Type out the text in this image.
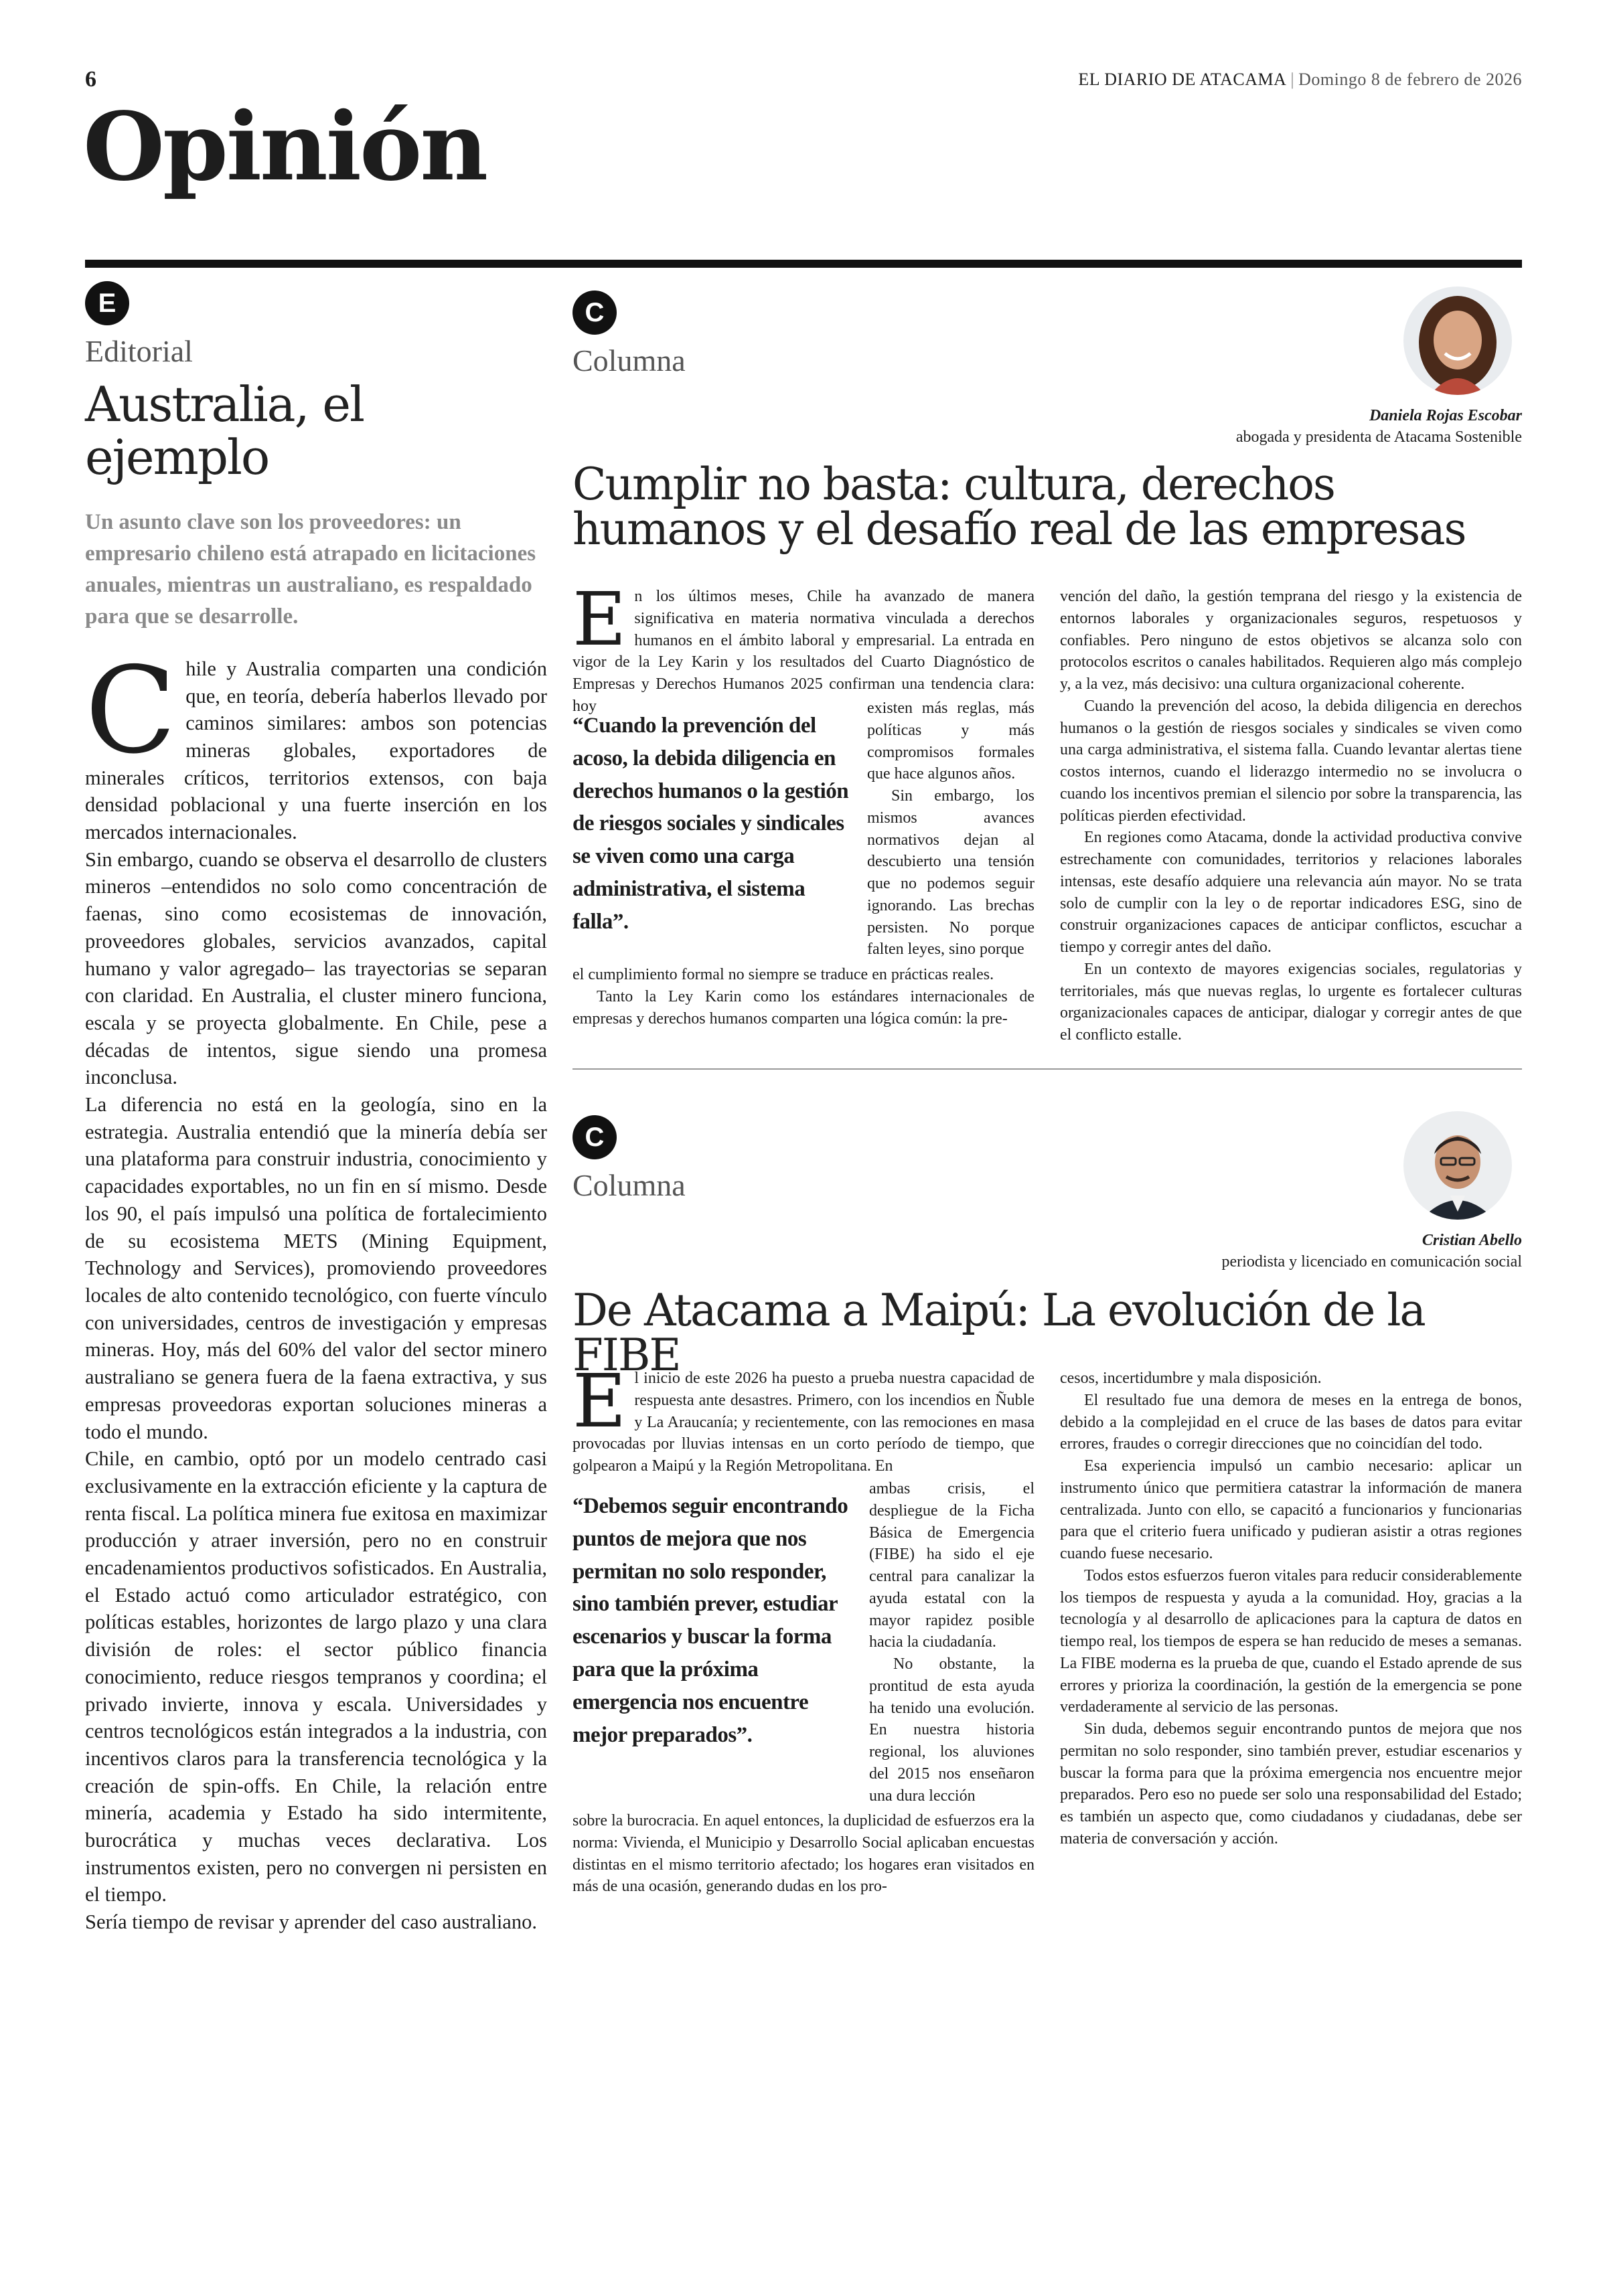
6	EL DIARIO DE ATACAMA | Domingo 8 de febrero de 2026
Opinión
E
Editorial
Australia, el ejemplo
Un asunto clave son los proveedores: un empresario chileno está atrapado en licitaciones anuales, mientras un australiano, es respaldado para que se desarrolle.

Chile y Australia comparten una condición que, en teoría, debería haberlos llevado por caminos similares: ambos son potencias mineras globales, exportadores de minerales críticos, territorios extensos, con baja densidad poblacional y una fuerte inserción en los mercados internacionales.

Sin embargo, cuando se observa el desarrollo de clusters mineros –entendidos no solo como concentración de faenas, sino como ecosistemas de innovación, proveedores globales, servicios avanzados, capital humano y valor agregado– las trayectorias se separan con claridad. En Australia, el cluster minero funciona, escala y se proyecta globalmente. En Chile, pese a décadas de intentos, sigue siendo una promesa inconclusa.

La diferencia no está en la geología, sino en la estrategia. Australia entendió que la minería debía ser una plataforma para construir industria, conocimiento y capacidades exportables, no un fin en sí mismo. Desde los 90, el país impulsó una política de fortalecimiento de su ecosistema METS (Mining Equipment, Technology and Services), promoviendo proveedores locales de alto contenido tecnológico, con fuerte vínculo con universidades, centros de investigación y empresas mineras. Hoy, más del 60% del valor del sector minero australiano se genera fuera de la faena extractiva, y sus empresas proveedoras exportan soluciones mineras a todo el mundo.

Chile, en cambio, optó por un modelo centrado casi exclusivamente en la extracción eficiente y la captura de renta fiscal. La política minera fue exitosa en maximizar producción y atraer inversión, pero no en construir encadenamientos productivos sofisticados. En Australia, el Estado actuó como articulador estratégico, con políticas estables, horizontes de largo plazo y una clara división de roles: el sector público financia conocimiento, reduce riesgos tempranos y coordina; el privado invierte, innova y escala. Universidades y centros tecnológicos están integrados a la industria, con incentivos claros para la transferencia tecnológica y la creación de spin-offs. En Chile, la relación entre minería, academia y Estado ha sido intermitente, burocrática y muchas veces declarativa. Los instrumentos existen, pero no convergen ni persisten en el tiempo.

Sería tiempo de revisar y aprender del caso australiano.

C
Columna
Daniela Rojas Escobar
abogada y presidenta de Atacama Sostenible
Cumplir no basta: cultura, derechos humanos y el desafío real de las empresas

En los últimos meses, Chile ha avanzado de manera significativa en materia normativa vinculada a derechos humanos en el ámbito laboral y empresarial. La entrada en vigor de la Ley Karin y los resultados del Cuarto Diagnóstico de Empresas y Derechos Humanos 2025 confirman una tendencia clara: hoy

“Cuando la prevención del acoso, la debida diligencia en derechos humanos o la gestión de riesgos sociales y sindicales se viven como una carga administrativa, el sistema falla”.

existen más reglas, más políticas y más compromisos formales que hace algunos años.

Sin embargo, los mismos avances normativos dejan al descubierto una tensión que no podemos seguir ignorando. Las brechas persisten. No porque falten leyes, sino porque

el cumplimiento formal no siempre se traduce en prácticas reales.

Tanto la Ley Karin como los estándares internacionales de empresas y derechos humanos comparten una lógica común: la pre-

vención del daño, la gestión temprana del riesgo y la existencia de entornos laborales y organizacionales seguros, respetuosos y confiables. Pero ninguno de estos objetivos se alcanza solo con protocolos escritos o canales habilitados. Requieren algo más complejo y, a la vez, más decisivo: una cultura organizacional coherente.

Cuando la prevención del acoso, la debida diligencia en derechos humanos o la gestión de riesgos sociales y sindicales se viven como una carga administrativa, el sistema falla. Cuando levantar alertas tiene costos internos, cuando el liderazgo intermedio no se involucra o cuando los incentivos premian el silencio por sobre la transparencia, las políticas pierden efectividad.

En regiones como Atacama, donde la actividad productiva convive estrechamente con comunidades, territorios y relaciones laborales intensas, este desafío adquiere una relevancia aún mayor. No se trata solo de cumplir con la ley o de reportar indicadores ESG, sino de construir organizaciones capaces de anticipar conflictos, escuchar a tiempo y corregir antes del daño.

En un contexto de mayores exigencias sociales, regulatorias y territoriales, más que nuevas reglas, lo urgente es fortalecer culturas organizacionales capaces de anticipar, dialogar y corregir antes de que el conflicto estalle.

C
Columna
Cristian Abello
periodista y licenciado en comunicación social
De Atacama a Maipú: La evolución de la FIBE

El inicio de este 2026 ha puesto a prueba nuestra capacidad de respuesta ante desastres. Primero, con los incendios en Ñuble y La Araucanía; y recientemente, con las remociones en masa provocadas por lluvias intensas en un corto período de tiempo, que golpearon a Maipú y la Región Metropolitana. En

“Debemos seguir encontrando puntos de mejora que nos permitan no solo responder, sino también prever, estudiar escenarios y buscar la forma para que la próxima emergencia nos encuentre mejor preparados”.

ambas crisis, el despliegue de la Ficha Básica de Emergencia (FIBE) ha sido el eje central para canalizar la ayuda estatal con la mayor rapidez posible hacia la ciudadanía.

No obstante, la prontitud de esta ayuda ha tenido una evolución. En nuestra historia regional, los aluviones del 2015 nos enseñaron una dura lección

sobre la burocracia. En aquel entonces, la duplicidad de esfuerzos era la norma: Vivienda, el Municipio y Desarrollo Social aplicaban encuestas distintas en el mismo territorio afectado; los hogares eran visitados en más de una ocasión, generando dudas en los pro-

cesos, incertidumbre y mala disposición.

El resultado fue una demora de meses en la entrega de bonos, debido a la complejidad en el cruce de las bases de datos para evitar errores, fraudes o corregir direcciones que no coincidían del todo.

Esa experiencia impulsó un cambio necesario: aplicar un instrumento único que permitiera catastrar la información de manera centralizada. Junto con ello, se capacitó a funcionarios y funcionarias para que el criterio fuera unificado y pudieran asistir a otras regiones cuando fuese necesario.

Todos estos esfuerzos fueron vitales para reducir considerablemente los tiempos de respuesta y ayuda a la comunidad. Hoy, gracias a la tecnología y al desarrollo de aplicaciones para la captura de datos en tiempo real, los tiempos de espera se han reducido de meses a semanas. La FIBE moderna es la prueba de que, cuando el Estado aprende de sus errores y prioriza la coordinación, la gestión de la emergencia se pone verdaderamente al servicio de las personas.

Sin duda, debemos seguir encontrando puntos de mejora que nos permitan no solo responder, sino también prever, estudiar escenarios y buscar la forma para que la próxima emergencia nos encuentre mejor preparados. Pero eso no puede ser solo una responsabilidad del Estado; es también un aspecto que, como ciudadanos y ciudadanas, debe ser materia de conversación y acción.
